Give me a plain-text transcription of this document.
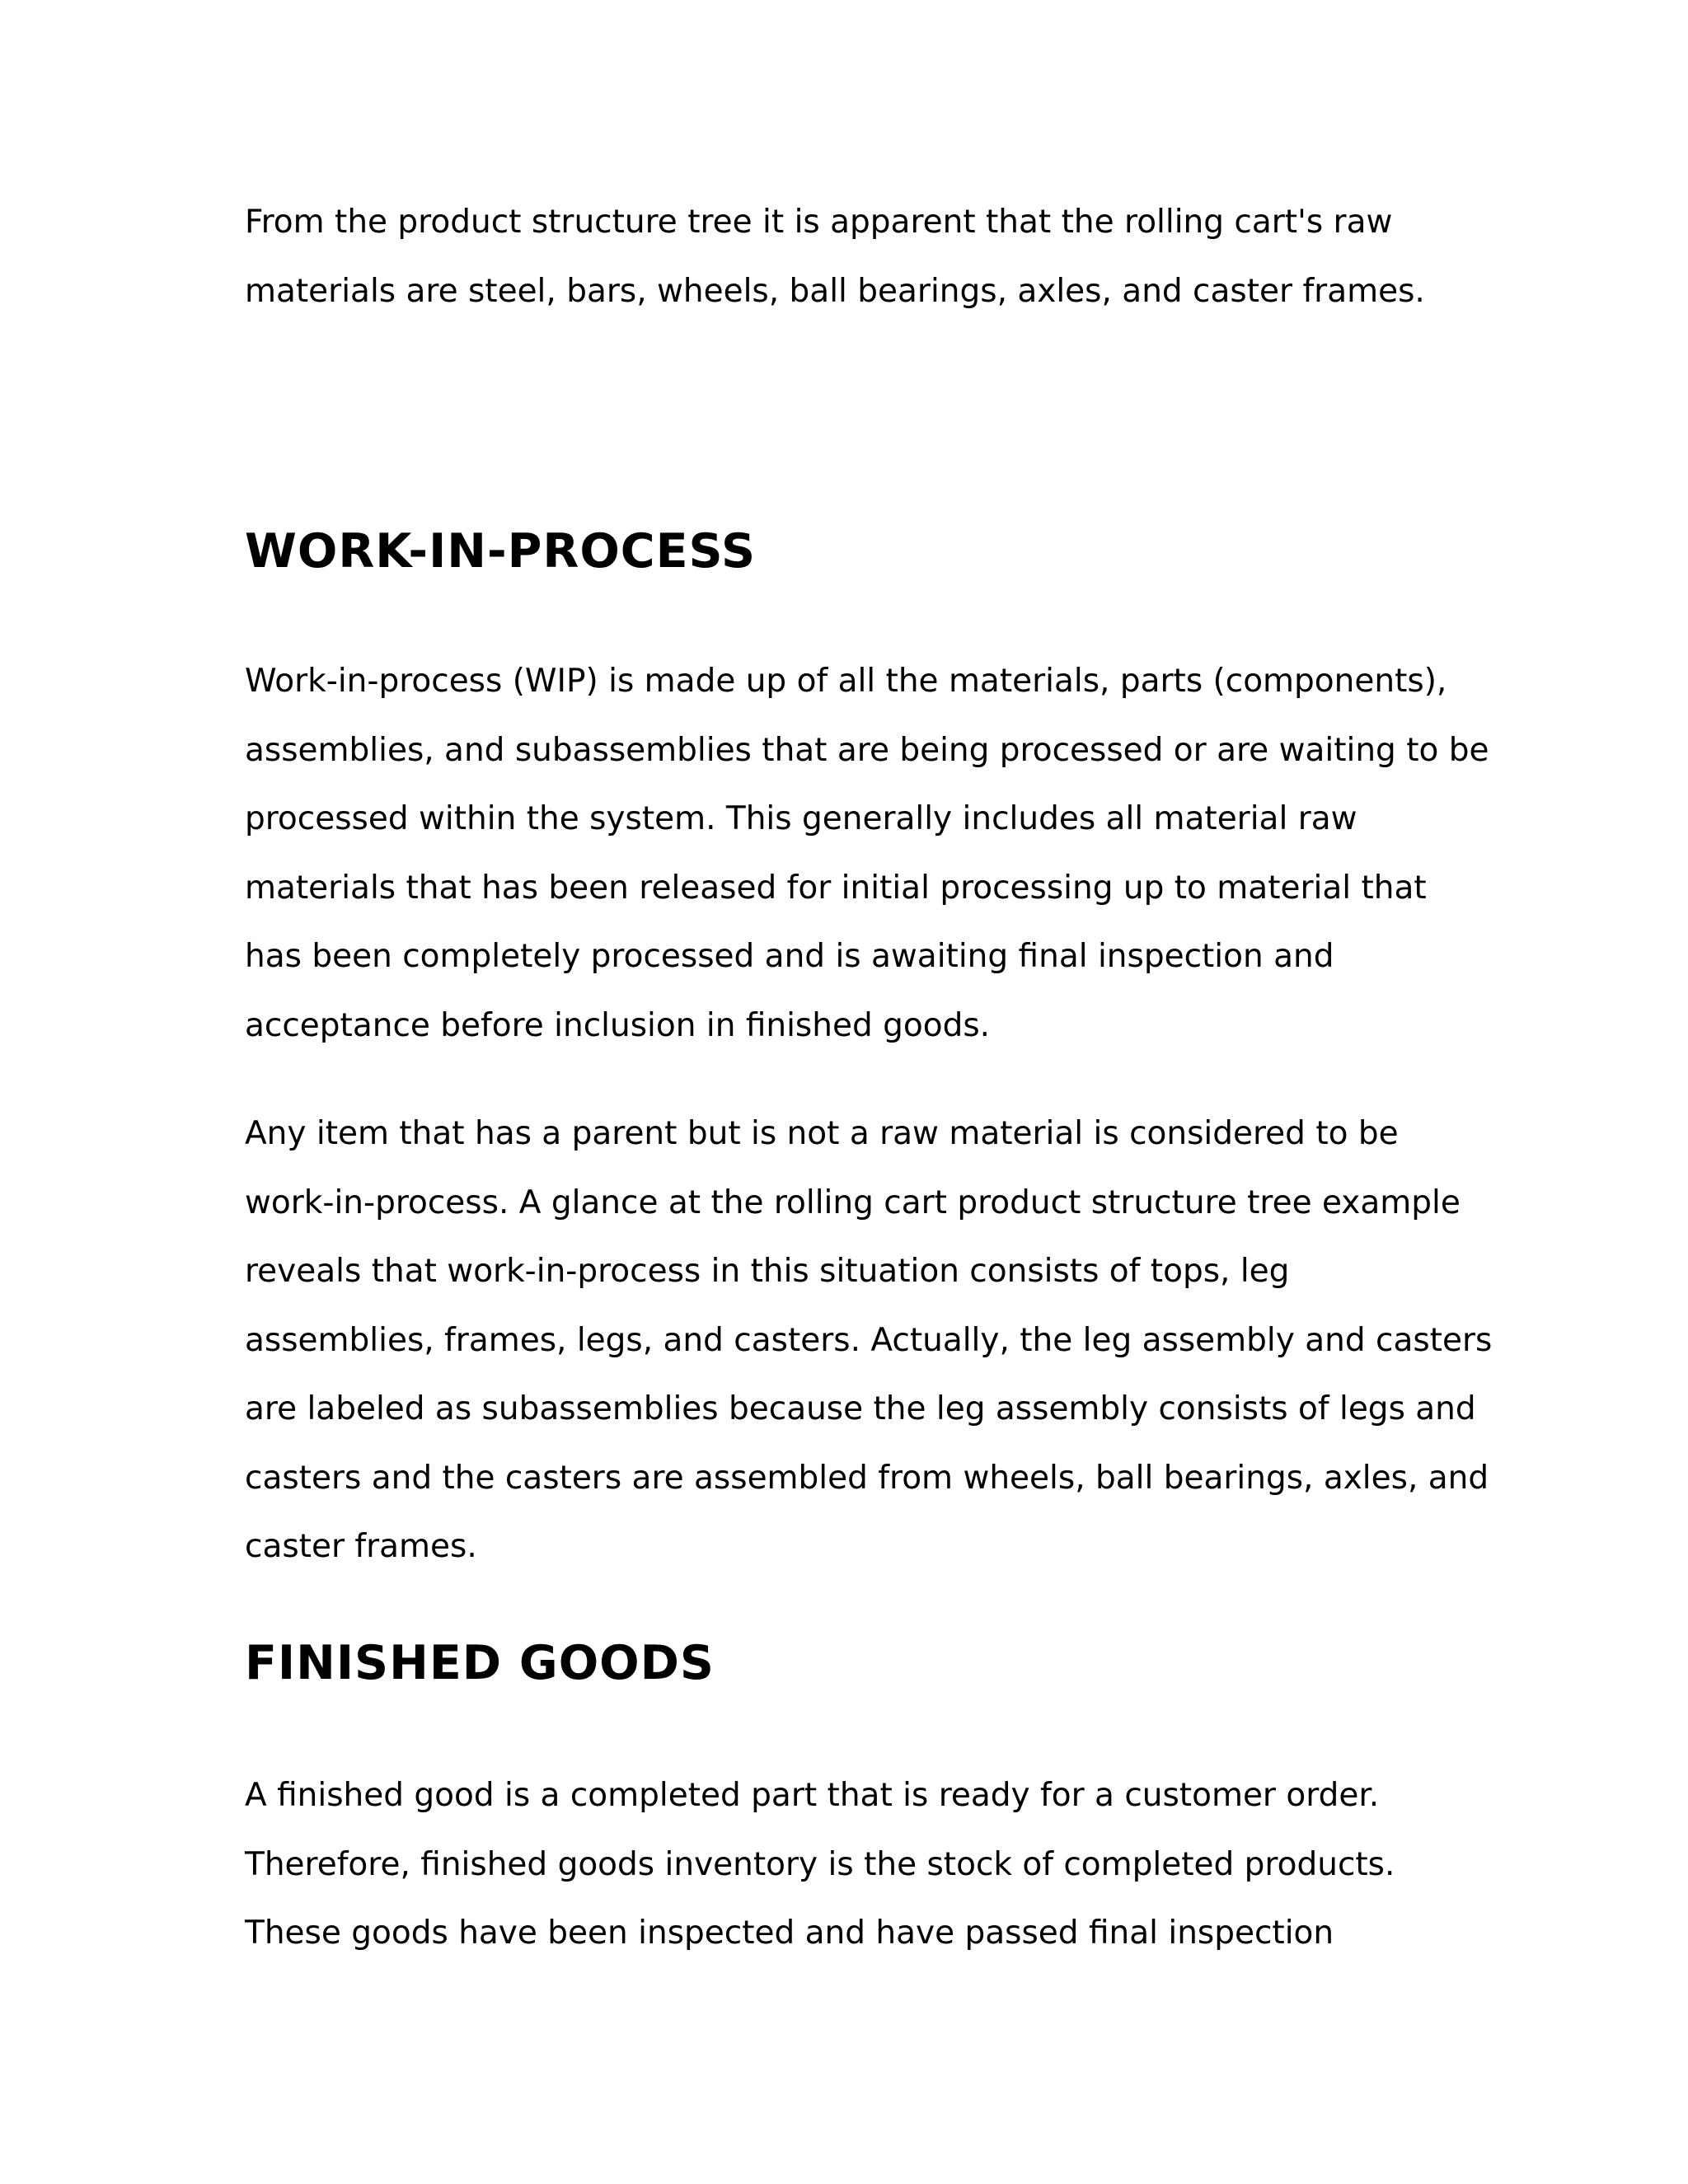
From the product structure tree it is apparent that the rolling cart's raw
materials are steel, bars, wheels, ball bearings, axles, and caster frames.

WORK-IN-PROCESS

Work-in-process (WIP) is made up of all the materials, parts (components),
assemblies, and subassemblies that are being processed or are waiting to be
processed within the system. This generally includes all material raw
materials that has been released for initial processing up to material that
has been completely processed and is awaiting final inspection and
acceptance before inclusion in finished goods.

Any item that has a parent but is not a raw material is considered to be
work-in-process. A glance at the rolling cart product structure tree example
reveals that work-in-process in this situation consists of tops, leg
assemblies, frames, legs, and casters. Actually, the leg assembly and casters
are labeled as subassemblies because the leg assembly consists of legs and
casters and the casters are assembled from wheels, ball bearings, axles, and
caster frames.

FINISHED GOODS

A finished good is a completed part that is ready for a customer order.
Therefore, finished goods inventory is the stock of completed products.
These goods have been inspected and have passed final inspection
